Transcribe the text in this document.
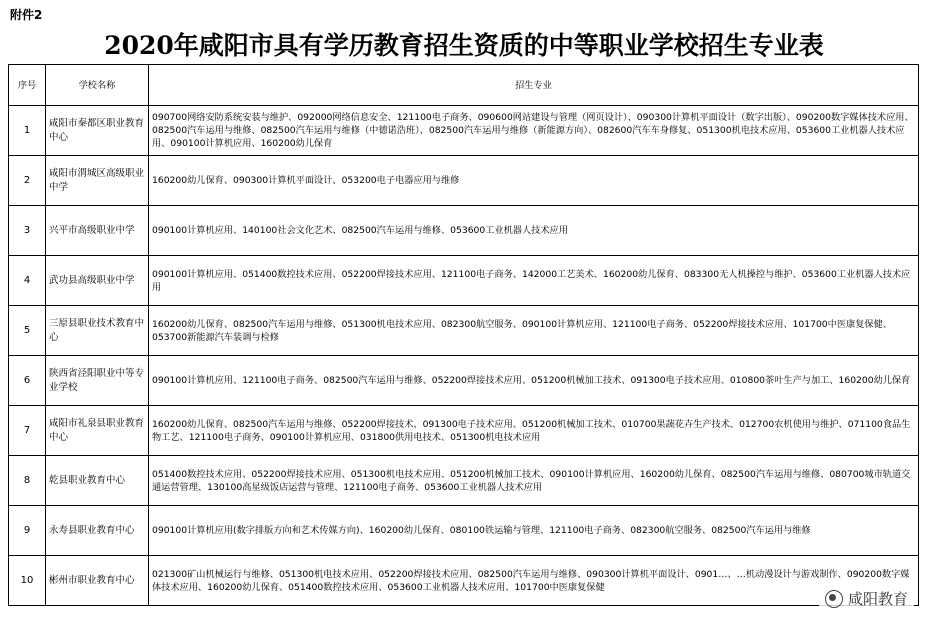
附件2
2020年咸阳市具有学历教育招生资质的中等职业学校招生专业表
序号	学校名称	招生专业
1	咸阳市秦都区职业教育中心	090700网络安防系统安装与维护、092000网络信息安全、121100电子商务、090600网站建设与管理（网页设计）、090300计算机平面设计（数字出版）、090200数字媒体技术应用、082500汽车运用与维修、082500汽车运用与维修（中德诺浩班）、082500汽车运用与维修（新能源方向）、082600汽车车身修复、051300机电技术应用、053600工业机器人技术应用、090100计算机应用、160200幼儿保育
2	咸阳市渭城区高级职业中学	160200幼儿保育、090300计算机平面设计、053200电子电器应用与维修
3	兴平市高级职业中学	090100计算机应用、140100社会文化艺术、082500汽车运用与维修、053600工业机器人技术应用
4	武功县高级职业中学	090100计算机应用、051400数控技术应用、052200焊接技术应用、121100电子商务、142000工艺美术、160200幼儿保育、083300无人机操控与维护、053600工业机器人技术应用
5	三原县职业技术教育中心	160200幼儿保育、082500汽车运用与维修、051300机电技术应用、082300航空服务、090100计算机应用、121100电子商务、052200焊接技术应用、101700中医康复保健、053700新能源汽车装调与检修
6	陕西省泾阳职业中等专业学校	090100计算机应用、121100电子商务、082500汽车运用与维修、052200焊接技术应用、051200机械加工技术、091300电子技术应用、010800茶叶生产与加工、160200幼儿保育
7	咸阳市礼泉县职业教育中心	160200幼儿保育、082500汽车运用与维修、052200焊接技术、091300电子技术应用、051200机械加工技术、010700果蔬花卉生产技术、012700农机使用与维护、071100食品生物工艺、121100电子商务、090100计算机应用、031800供用电技术、051300机电技术应用
8	乾县职业教育中心	051400数控技术应用、052200焊接技术应用、051300机电技术应用、051200机械加工技术、090100计算机应用、160200幼儿保育、082500汽车运用与维修、080700城市轨道交通运营管理、130100高星级饭店运营与管理、121100电子商务、053600工业机器人技术应用
9	永寿县职业教育中心	090100计算机应用(数字排版方向和艺术传媒方向)、160200幼儿保育、080100铁运输与管理、121100电子商务、082300航空服务、082500汽车运用与维修
10	彬州市职业教育中心	021300矿山机械运行与维修、051300机电技术应用、052200焊接技术应用、082500汽车运用与维修、090300计算机平面设计、0901…、…机动漫设计与游戏制作、090200数字媒体技术应用、160200幼儿保育、051400数控技术应用、053600工业机器人技术应用、101700中医康复保健
咸阳教育
